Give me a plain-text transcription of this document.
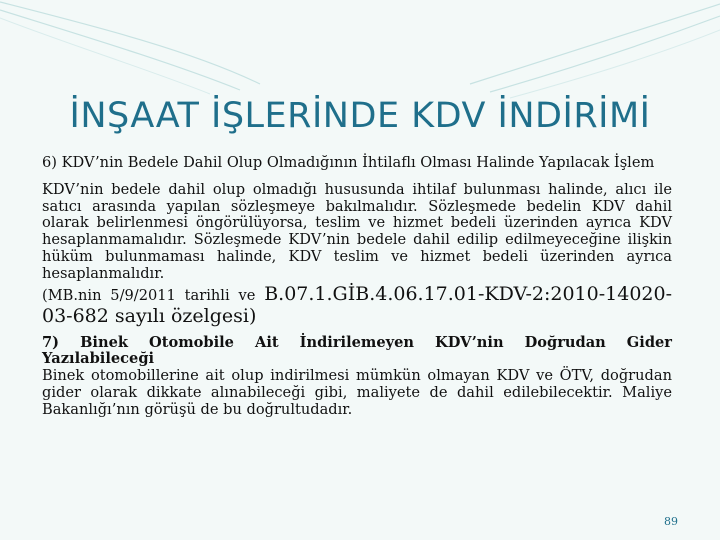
İNŞAAT İŞLERİNDE KDV İNDİRİMİ

6) KDV’nin Bedele Dahil Olup Olmadığının İhtilaflı Olması Halinde Yapılacak İşlem

KDV’nin bedele dahil olup olmadığı hususunda ihtilaf bulunması halinde, alıcı ile satıcı arasında yapılan sözleşmeye bakılmalıdır. Sözleşmede bedelin KDV dahil olarak belirlenmesi öngörülüyorsa, teslim ve hizmet bedeli üzerinden ayrıca KDV hesaplanmamalıdır. Sözleşmede KDV’nin bedele dahil edilip edilmeyeceğine ilişkin hüküm bulunmaması halinde, KDV teslim ve hizmet bedeli üzerinden ayrıca hesaplanmalıdır.

(MB.nin 5/9/2011 tarihli ve B.07.1.GİB.4.06.17.01-KDV-2:2010-14020-03-682 sayılı özelgesi)

7) Binek Otomobile Ait İndirilemeyen KDV’nin Doğrudan Gider Yazılabileceği

Binek otomobillerine ait olup indirilmesi mümkün olmayan KDV ve ÖTV, doğrudan gider olarak dikkate alınabileceği gibi, maliyete de dahil edilebilecektir. Maliye Bakanlığı’nın görüşü de bu doğrultudadır.

89
